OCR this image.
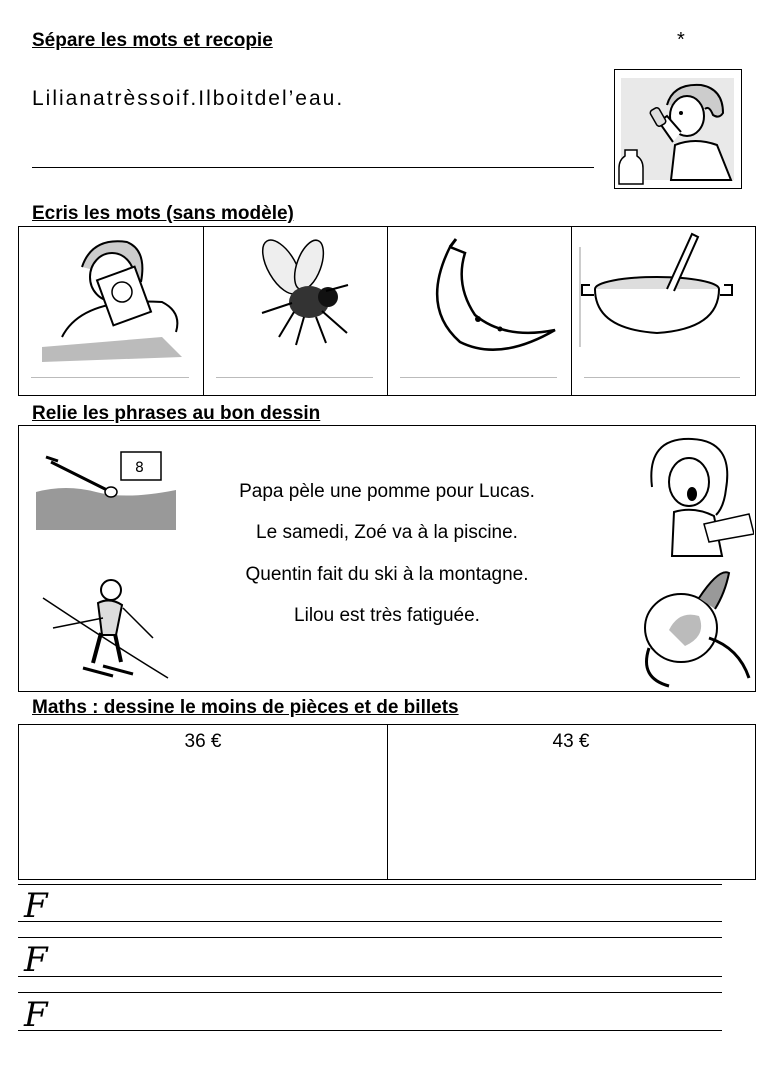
Sépare les mots et recopie	*
Lilianatrèssoif.Ilboitdel’eau.
Ecris les mots (sans modèle)
Relie les phrases au bon dessin
8
Papa pèle une pomme pour Lucas.
Le samedi, Zoé va à la piscine.
Quentin fait du ski à la montagne.
Lilou est très fatiguée.
Maths : dessine le moins de pièces et de billets
36 €	43 €
F
F
F
